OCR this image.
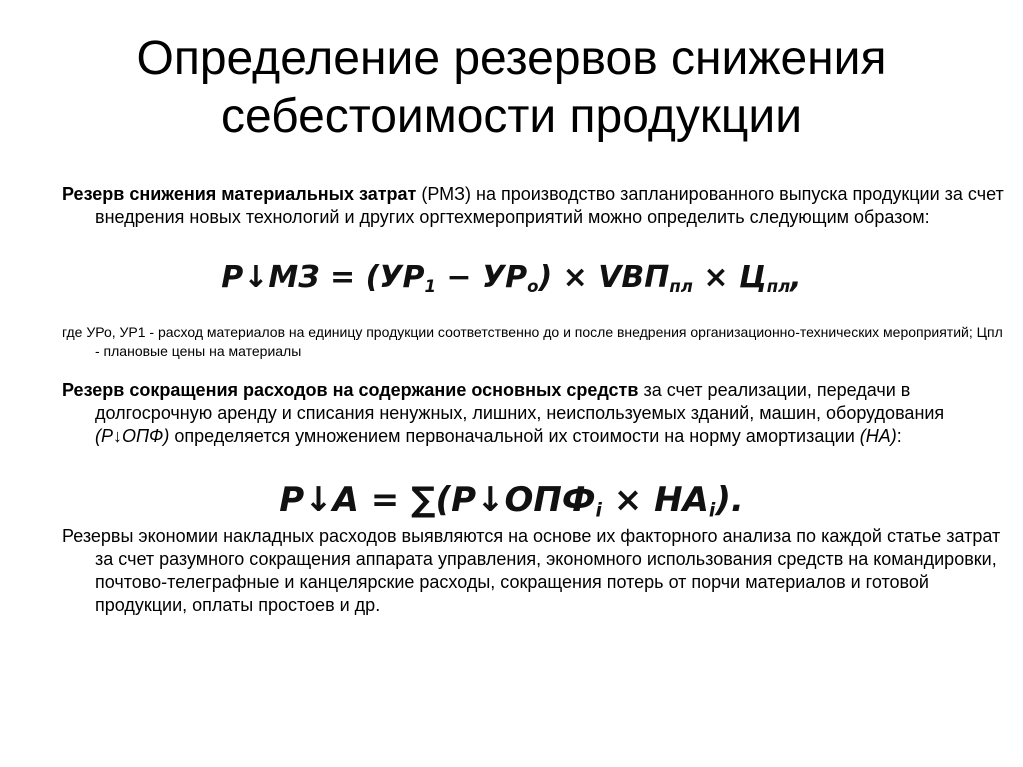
Определение резервов снижения
себестоимости продукции

Резерв снижения материальных затрат (РМЗ) на производство запланированного выпуска продукции за счет внедрения новых технологий и других оргтехмероприятий можно определить следующим образом:

Р↓МЗ = $(УР_1 - УР_о) \times VВП_{пл} \times Ц_{пл}$,

где УРо, УР1 - расход материалов на единицу продукции соответственно до и после внедрения организационно-технических мероприятий; Цпл - плановые цены на материалы

Резерв сокращения расходов на содержание основных средств за счет реализации, передачи в долгосрочную аренду и списания ненужных, лишних, неиспользуемых зданий, машин, оборудования (Р↓ОПФ) определяется умножением первоначальной их стоимости на норму амортизации (НА):

Р↓А = $\sum(Р↓ОПФ_i \times НА_i)$.

Резервы экономии накладных расходов выявляются на основе их факторного анализа по каждой статье затрат за счет разумного сокращения аппарата управления, экономного использования средств на командировки, почтово-телеграфные и канцелярские расходы, сокращения потерь от порчи материалов и готовой продукции, оплаты простоев и др.
